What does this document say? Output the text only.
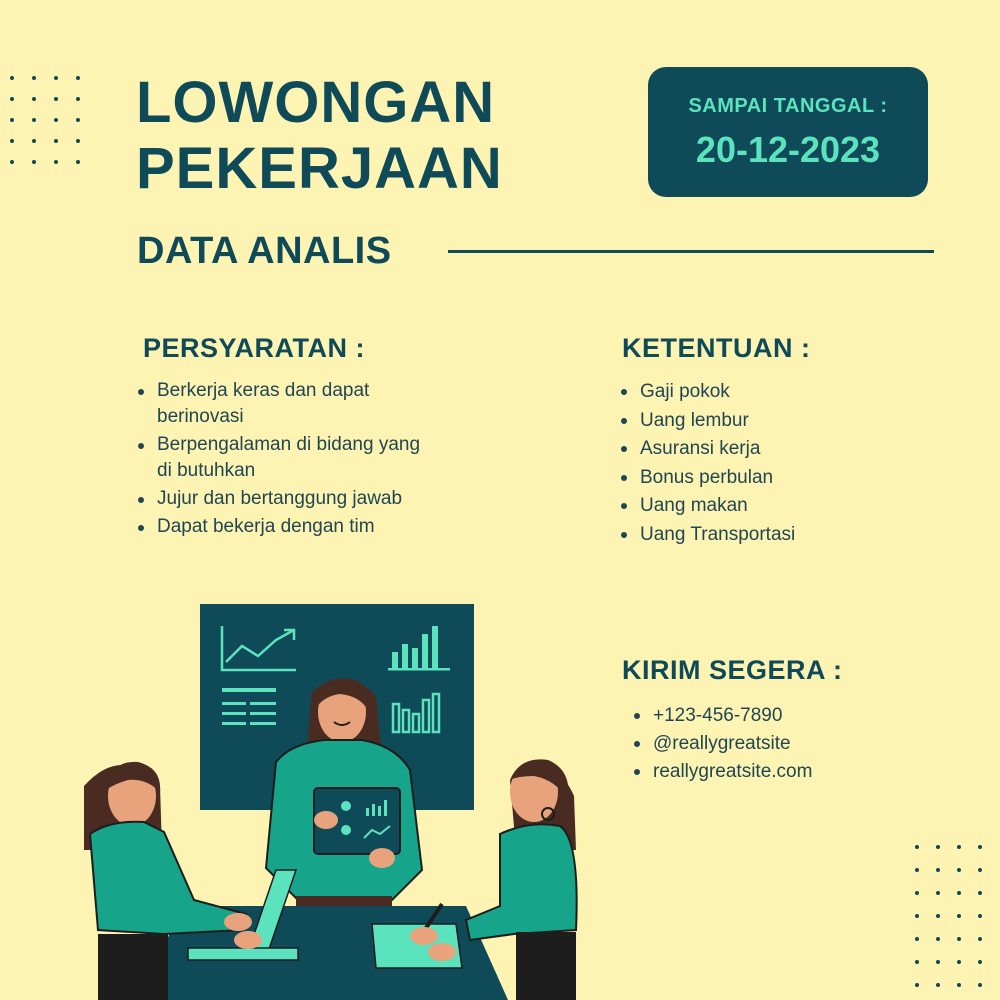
LOWONGAN
PEKERJAAN
SAMPAI TANGGAL :
20-12-2023
DATA ANALIS
PERSYARATAN :
Berkerja keras dan dapat berinovasi
Berpengalaman di bidang yang di butuhkan
Jujur dan bertanggung jawab
Dapat bekerja dengan tim
KETENTUAN :
Gaji pokok
Uang lembur
Asuransi kerja
Bonus perbulan
Uang makan
Uang Transportasi
KIRIM SEGERA :
+123-456-7890
@reallygreatsite
reallygreatsite.com
